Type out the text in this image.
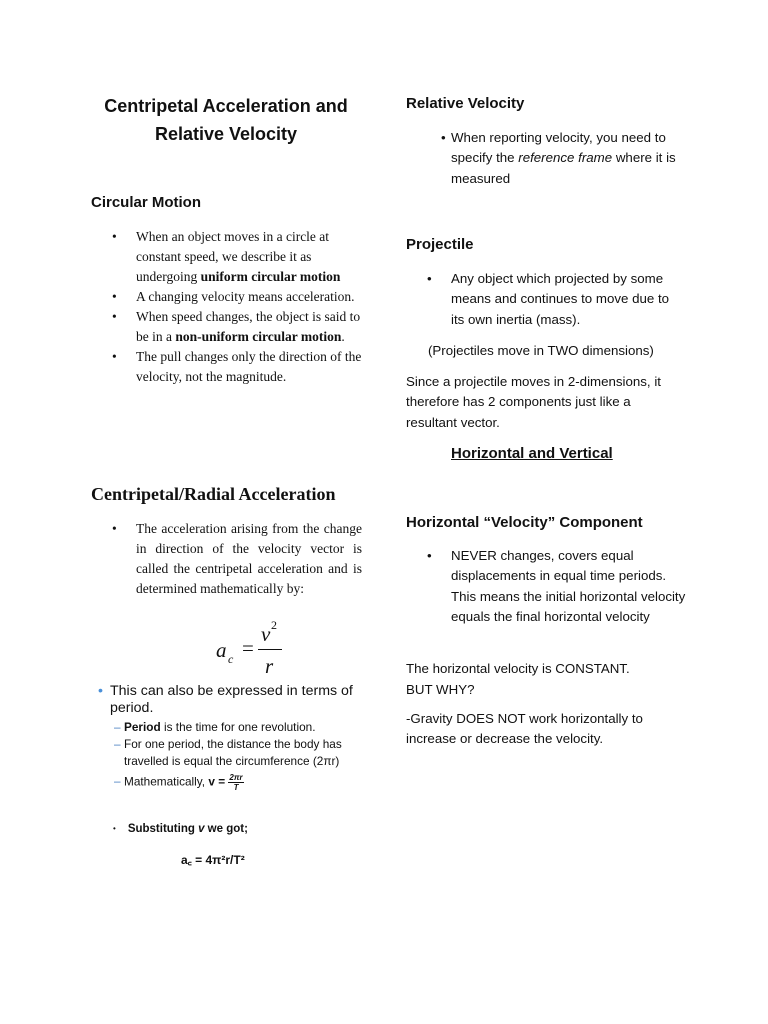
Centripetal Acceleration and
Relative Velocity
Circular Motion
• When an object moves in a circle at constant speed, we describe it as undergoing uniform circular motion
• A changing velocity means acceleration.
• When speed changes, the object is said to be in a non-uniform circular motion.
• The pull changes only the direction of the velocity, not the magnitude.
Centripetal/Radial Acceleration
• The acceleration arising from the change in direction of the velocity vector is called the centripetal acceleration and is determined mathematically by:
a c =
v 2
r
• This can also be expressed in terms of period.
– Period is the time for one revolution.
– For one period, the distance the body has travelled is equal the circumference (2πr)
– Mathematically, $v = \frac{2\pi r}{T}$
• Substituting v we got;
a꜀ = 4π²r/T²
Relative Velocity
• When reporting velocity, you need to specify the reference frame where it is measured
Projectile
• Any object which projected by some means and continues to move due to its own inertia (mass).
(Projectiles move in TWO dimensions)
Since a projectile moves in 2-dimensions, it therefore has 2 components just like a resultant vector.
Horizontal and Vertical
Horizontal “Velocity” Component
• NEVER changes, covers equal displacements in equal time periods. This means the initial horizontal velocity equals the final horizontal velocity
The horizontal velocity is CONSTANT.
BUT WHY?
-Gravity DOES NOT work horizontally to increase or decrease the velocity.
